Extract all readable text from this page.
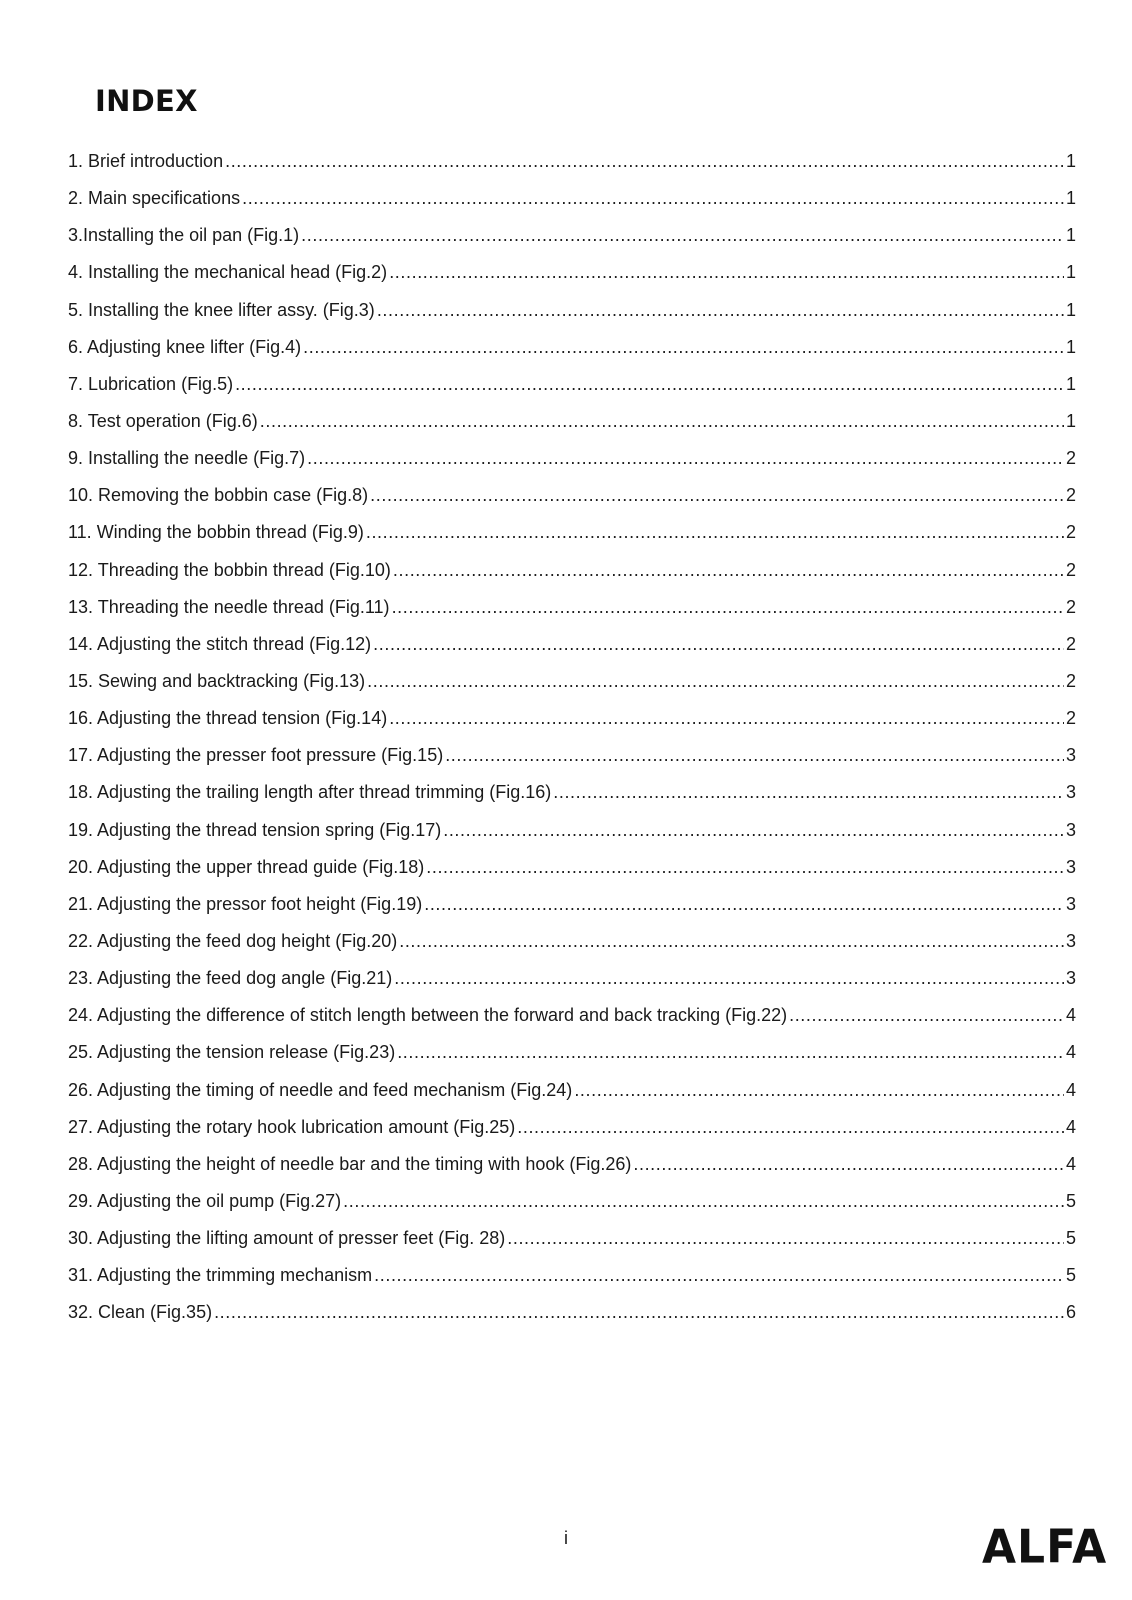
INDEX
1. Brief introduction .....	1
2. Main specifications .....	1
3.Installing the oil pan (Fig.1) .....	1
4. Installing the mechanical head (Fig.2) .....	1
5. Installing the knee lifter assy. (Fig.3) .....	1
6. Adjusting knee lifter (Fig.4) .....	1
7. Lubrication (Fig.5) .....	1
8. Test operation (Fig.6) .....	1
9. Installing the needle (Fig.7) .....	2
10. Removing the bobbin case (Fig.8) .....	2
11. Winding the bobbin thread (Fig.9) .....	2
12. Threading the bobbin thread (Fig.10) .....	2
13. Threading the needle thread (Fig.11) .....	2
14. Adjusting the stitch thread (Fig.12) .....	2
15. Sewing and backtracking (Fig.13) .....	2
16. Adjusting the thread tension (Fig.14) .....	2
17. Adjusting the presser foot pressure (Fig.15) .....	3
18. Adjusting the trailing length after thread trimming (Fig.16) .....	3
19. Adjusting the thread tension spring (Fig.17) .....	3
20. Adjusting the upper thread guide (Fig.18) .....	3
21. Adjusting the pressor foot height (Fig.19) .....	3
22. Adjusting the feed dog height (Fig.20) .....	3
23. Adjusting the feed dog angle (Fig.21) .....	3
24. Adjusting the difference of stitch length between the forward and back tracking (Fig.22) .....	4
25. Adjusting the tension release (Fig.23) .....	4
26. Adjusting the timing of needle and feed mechanism (Fig.24) .....	4
27. Adjusting the rotary hook lubrication amount (Fig.25) .....	4
28. Adjusting the height of needle bar and the timing with hook (Fig.26) .....	4
29. Adjusting the oil pump (Fig.27) .....	5
30. Adjusting the lifting amount of presser feet (Fig. 28) .....	5
31. Adjusting the trimming mechanism .....	5
32. Clean (Fig.35) .....	6
i	ALFA
